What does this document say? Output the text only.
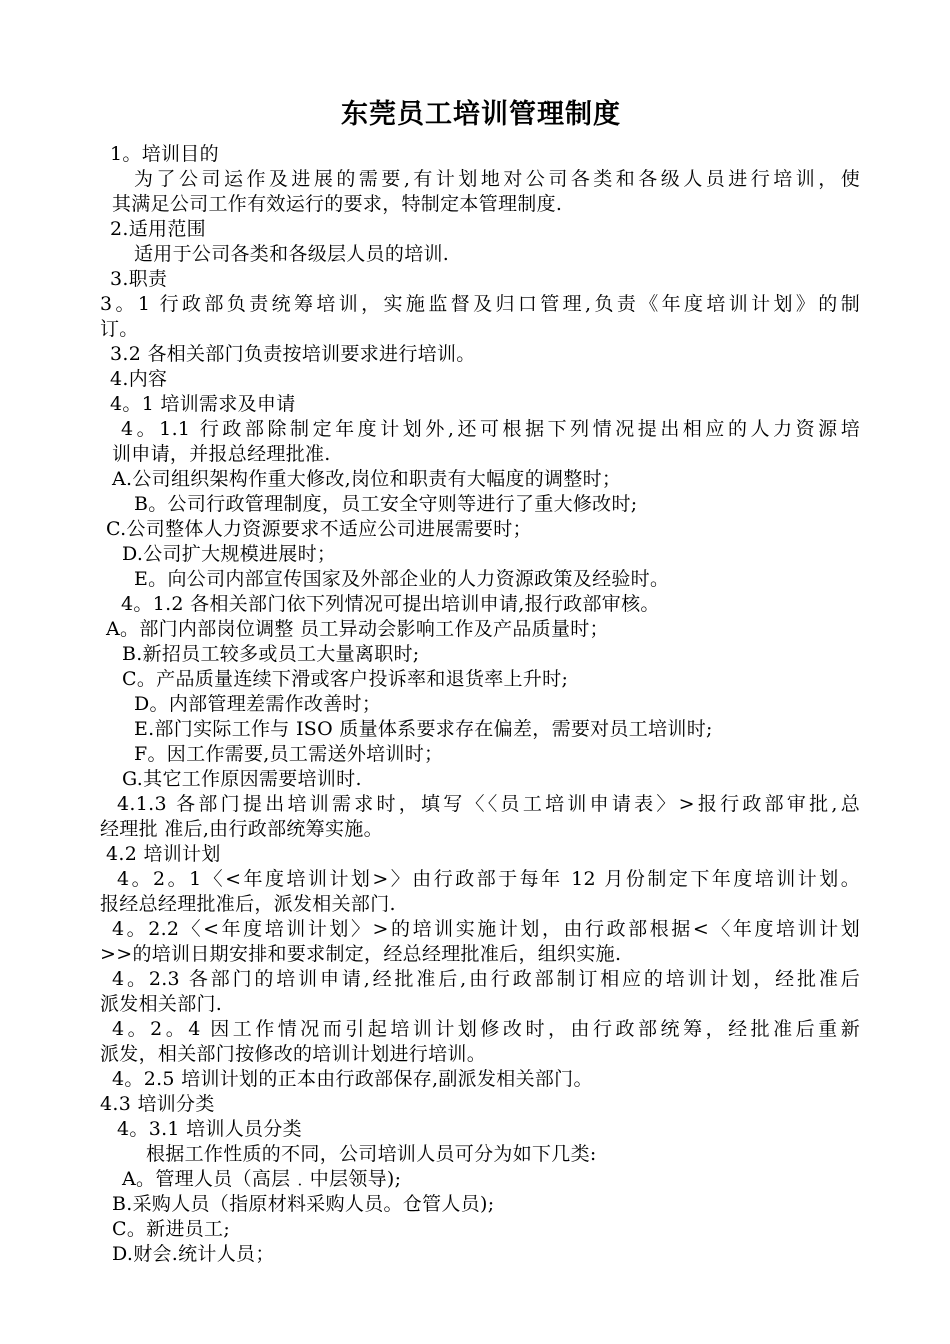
东莞员工培训管理制度
1。培训目的
为了公司运作及进展的需要,有计划地对公司各类和各级人员进行培训，使
其满足公司工作有效运行的要求，特制定本管理制度.
2.适用范围
适用于公司各类和各级层人员的培训.
3.职责
3。1 行政部负责统筹培训，实施监督及归口管理,负责《年度培训计划》的制
订。
3.2 各相关部门负责按培训要求进行培训。
4.内容
4。1 培训需求及申请
4。1.1 行政部除制定年度计划外,还可根据下列情况提出相应的人力资源培
训申请，并报总经理批准.
A.公司组织架构作重大修改,岗位和职责有大幅度的调整时；
B。公司行政管理制度，员工安全守则等进行了重大修改时;
C.公司整体人力资源要求不适应公司进展需要时；
D.公司扩大规模进展时；
E。向公司内部宣传国家及外部企业的人力资源政策及经验时。
4。1.2 各相关部门依下列情况可提出培训申请,报行政部审核。
A。部门内部岗位调整 员工异动会影响工作及产品质量时；
B.新招员工较多或员工大量离职时;
C。产品质量连续下滑或客户投诉率和退货率上升时;
D。内部管理差需作改善时；
E.部门实际工作与 ISO 质量体系要求存在偏差，需要对员工培训时;
F。因工作需要,员工需送外培训时；
G.其它工作原因需要培训时.
4.1.3 各部门提出培训需求时，填写〈〈员工培训申请表〉>报行政部审批,总
经理批 准后,由行政部统筹实施。
4.2 培训计划
4。2。1〈<年度培训计划>〉由行政部于每年 12 月份制定下年度培训计划。
报经总经理批准后，派发相关部门.
4。2.2〈<年度培训计划〉>的培训实施计划，由行政部根据<〈年度培训计划
>>的培训日期安排和要求制定，经总经理批准后，组织实施.
4。2.3 各部门的培训申请,经批准后,由行政部制订相应的培训计划，经批准后
派发相关部门.
4。2。4 因工作情况而引起培训计划修改时，由行政部统筹，经批准后重新
派发，相关部门按修改的培训计划进行培训。
4。2.5 培训计划的正本由行政部保存,副派发相关部门。
4.3 培训分类
4。3.1 培训人员分类
根据工作性质的不同，公司培训人员可分为如下几类:
A。管理人员（高层﹒中层领导);
B.采购人员（指原材料采购人员。仓管人员);
C。新进员工;
D.财会.统计人员；
